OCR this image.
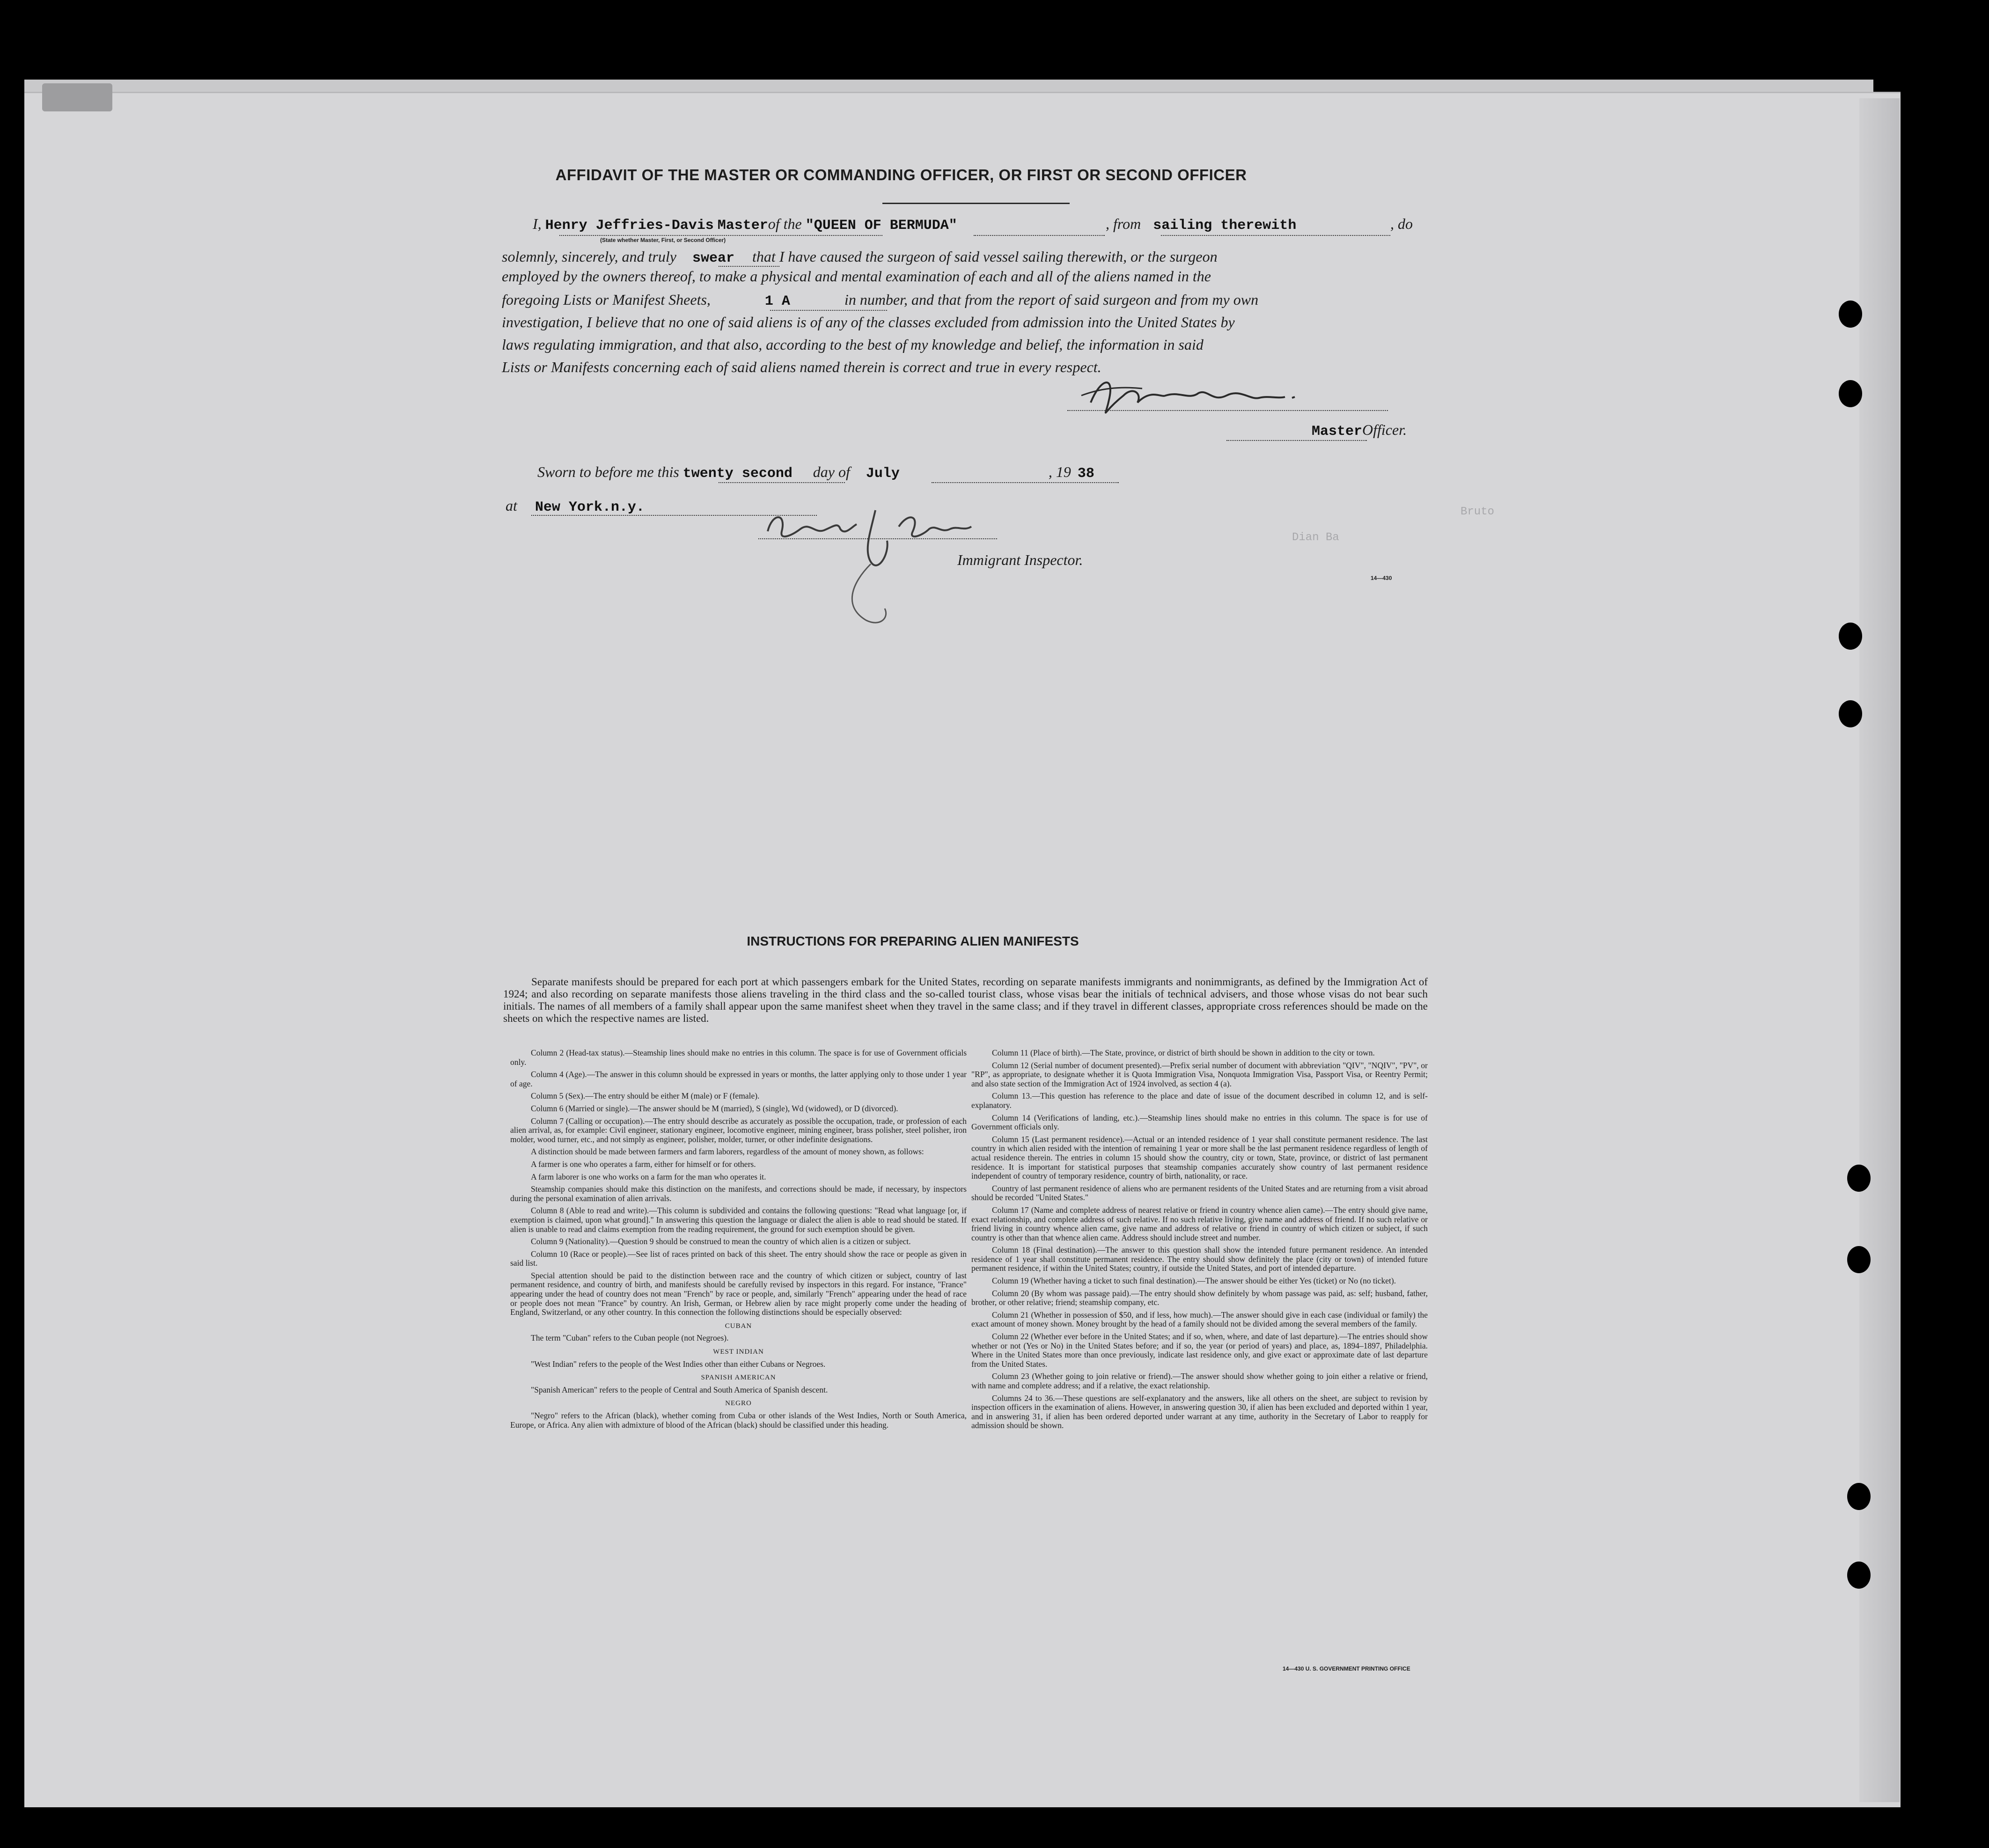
Bruto
Dian Ba
AFFIDAVIT OF THE MASTER OR COMMANDING OFFICER, OR FIRST OR SECOND OFFICER
I, Henry Jeffries-Davis Masterof the "QUEEN OF BERMUDA"	, from sailing therewith	, do
(State whether Master, First, or Second Officer)
solemnly, sincerely, and truly swear that I have caused the surgeon of said vessel sailing therewith, or the surgeon
employed by the owners thereof, to make a physical and mental examination of each and all of the aliens named in the
foregoing Lists or Manifest Sheets,	1 A	in number, and that from the report of said surgeon and from my own
investigation, I believe that no one of said aliens is of any of the classes excluded from admission into the United States by
laws regulating immigration, and that also, according to the best of my knowledge and belief, the information in said
Lists or Manifests concerning each of said aliens named therein is correct and true in every respect.
MasterOfficer.
Sworn to before me this twenty second day of July	, 19 38
at New York.n.y.
Immigrant Inspector.
14—430
INSTRUCTIONS FOR PREPARING ALIEN MANIFESTS
Separate manifests should be prepared for each port at which passengers embark for the United States, recording on separate manifests immigrants and nonimmigrants, as defined by the Immigration Act of 1924; and also recording on separate manifests those aliens traveling in the third class and the so-called tourist class, whose visas bear the initials of technical advisers, and those whose visas do not bear such initials. The names of all members of a family shall appear upon the same manifest sheet when they travel in the same class; and if they travel in different classes, appropriate cross references should be made on the sheets on which the respective names are listed.

Column 2 (Head-tax status).—Steamship lines should make no entries in this column. The space is for use of Government officials only.

Column 4 (Age).—The answer in this column should be expressed in years or months, the latter applying only to those under 1 year of age.

Column 5 (Sex).—The entry should be either M (male) or F (female).

Column 6 (Married or single).—The answer should be M (married), S (single), Wd (widowed), or D (divorced).

Column 7 (Calling or occupation).—The entry should describe as accurately as possible the occupation, trade, or profession of each alien arrival, as, for example: Civil engineer, stationary engineer, locomotive engineer, mining engineer, brass polisher, steel polisher, iron molder, wood turner, etc., and not simply as engineer, polisher, molder, turner, or other indefinite designations.

A distinction should be made between farmers and farm laborers, regardless of the amount of money shown, as follows:

A farmer is one who operates a farm, either for himself or for others.

A farm laborer is one who works on a farm for the man who operates it.

Steamship companies should make this distinction on the manifests, and corrections should be made, if necessary, by inspectors during the personal examination of alien arrivals.

Column 8 (Able to read and write).—This column is subdivided and contains the following questions: "Read what language [or, if exemption is claimed, upon what ground]." In answering this question the language or dialect the alien is able to read should be stated. If alien is unable to read and claims exemption from the reading requirement, the ground for such exemption should be given.

Column 9 (Nationality).—Question 9 should be construed to mean the country of which alien is a citizen or subject.

Column 10 (Race or people).—See list of races printed on back of this sheet. The entry should show the race or people as given in said list.

Special attention should be paid to the distinction between race and the country of which citizen or subject, country of last permanent residence, and country of birth, and manifests should be carefully revised by inspectors in this regard. For instance, "France" appearing under the head of country does not mean "French" by race or people, and, similarly "French" appearing under the head of race or people does not mean "France" by country. An Irish, German, or Hebrew alien by race might properly come under the heading of England, Switzerland, or any other country. In this connection the following distinctions should be especially observed:

CUBAN

The term "Cuban" refers to the Cuban people (not Negroes).

WEST INDIAN

"West Indian" refers to the people of the West Indies other than either Cubans or Negroes.

SPANISH AMERICAN

"Spanish American" refers to the people of Central and South America of Spanish descent.

NEGRO

"Negro" refers to the African (black), whether coming from Cuba or other islands of the West Indies, North or South America, Europe, or Africa. Any alien with admixture of blood of the African (black) should be classified under this heading.

Column 11 (Place of birth).—The State, province, or district of birth should be shown in addition to the city or town.

Column 12 (Serial number of document presented).—Prefix serial number of document with abbreviation "QIV", "NQIV", "PV", or "RP", as appropriate, to designate whether it is Quota Immigration Visa, Nonquota Immigration Visa, Passport Visa, or Reentry Permit; and also state section of the Immigration Act of 1924 involved, as section 4 (a).

Column 13.—This question has reference to the place and date of issue of the document described in column 12, and is self-explanatory.

Column 14 (Verifications of landing, etc.).—Steamship lines should make no entries in this column. The space is for use of Government officials only.

Column 15 (Last permanent residence).—Actual or an intended residence of 1 year shall constitute permanent residence. The last country in which alien resided with the intention of remaining 1 year or more shall be the last permanent residence regardless of length of actual residence therein. The entries in column 15 should show the country, city or town, State, province, or district of last permanent residence. It is important for statistical purposes that steamship companies accurately show country of last permanent residence independent of country of temporary residence, country of birth, nationality, or race.

Country of last permanent residence of aliens who are permanent residents of the United States and are returning from a visit abroad should be recorded "United States."

Column 17 (Name and complete address of nearest relative or friend in country whence alien came).—The entry should give name, exact relationship, and complete address of such relative. If no such relative living, give name and address of friend. If no such relative or friend living in country whence alien came, give name and address of relative or friend in country of which citizen or subject, if such country is other than that whence alien came. Address should include street and number.

Column 18 (Final destination).—The answer to this question shall show the intended future permanent residence. An intended residence of 1 year shall constitute permanent residence. The entry should show definitely the place (city or town) of intended future permanent residence, if within the United States; country, if outside the United States, and port of intended departure.

Column 19 (Whether having a ticket to such final destination).—The answer should be either Yes (ticket) or No (no ticket).

Column 20 (By whom was passage paid).—The entry should show definitely by whom passage was paid, as: self; husband, father, brother, or other relative; friend; steamship company, etc.

Column 21 (Whether in possession of $50, and if less, how much).—The answer should give in each case (individual or family) the exact amount of money shown. Money brought by the head of a family should not be divided among the several members of the family.

Column 22 (Whether ever before in the United States; and if so, when, where, and date of last departure).—The entries should show whether or not (Yes or No) in the United States before; and if so, the year (or period of years) and place, as, 1894–1897, Philadelphia. Where in the United States more than once previously, indicate last residence only, and give exact or approximate date of last departure from the United States.

Column 23 (Whether going to join relative or friend).—The answer should show whether going to join either a relative or friend, with name and complete address; and if a relative, the exact relationship.

Columns 24 to 36.—These questions are self-explanatory and the answers, like all others on the sheet, are subject to revision by inspection officers in the examination of aliens. However, in answering question 30, if alien has been excluded and deported within 1 year, and in answering 31, if alien has been ordered deported under warrant at any time, authority in the Secretary of Labor to reapply for admission should be shown.

14—430 U. S. GOVERNMENT PRINTING OFFICE
